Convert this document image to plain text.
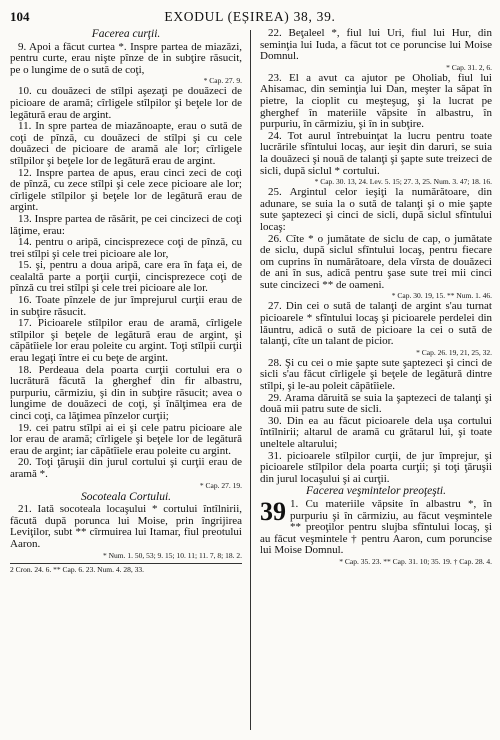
104	EXODUL (EȘIREA) 38, 39.
Facerea curţii.

9. Apoi a făcut curtea *. Inspre partea de miazăzi, pentru curte, erau nişte pînze de in subţire răsucit, pe o lungime de o sută de coţi,

* Cap. 27. 9.

10. cu douăzeci de stîlpi aşezaţi pe douăzeci de picioare de aramă; cîrligele stîlpilor şi beţele lor de legătură erau de argint.

11. In spre partea de miazănoapte, erau o sută de coţi de pînză, cu douăzeci de stîlpi şi cu cele douăzeci de picioare de aramă ale lor; cîrligele stîlpilor şi beţele lor de legătură erau de argint.

12. Inspre partea de apus, erau cinci zeci de coţi de pînză, cu zece stîlpi şi cele zece picioare ale lor; cîrligele stîlpilor şi beţele lor de legătură erau de argint.

13. Inspre partea de răsărit, pe cei cincizeci de coţi lăţime, erau:

14. pentru o aripă, cincisprezece coţi de pînză, cu trei stîlpi şi cele trei picioare ale lor,

15. şi, pentru a doua aripă, care era în faţa ei, de cealaltă parte a porţii curţii, cincisprezece coţi de pînză cu trei stîlpi şi cele trei picioare ale lor.

16. Toate pînzele de jur împrejurul curţii erau de in subţire răsucit.

17. Picioarele stîlpilor erau de aramă, cîrligele stîlpilor şi beţele de legătură erau de argint, şi căpătîiele lor erau poleite cu argint. Toţi stîlpii curţii erau legaţi între ei cu beţe de argint.

18. Perdeaua dela poarta curţii cortului era o lucrătură făcută la gherghef din fir albastru, purpuriu, cărmiziu, şi din in subţire răsucit; avea o lungime de douăzeci de coţi, şi înălţimea era de cinci coţi, ca lăţimea pînzelor curţii;

19. cei patru stîlpi ai ei şi cele patru picioare ale lor erau de aramă; cîrligele şi beţele lor de legătură erau de argint; iar căpătîiele erau poleite cu argint.

20. Toţi ţăruşii din jurul cortului şi curţii erau de aramă *.

* Cap. 27. 19.

Socoteala Cortului.

21. Iată socoteala locaşului * cortului întîlnirii, făcută după porunca lui Moise, prin îngrijirea Leviţilor, subt ** cîrmuirea lui Itamar, fiul preotului Aaron.

* Num. 1. 50, 53; 9. 15; 10. 11; 11. 7, 8; 18. 2.

2 Cron. 24. 6. ** Cap. 6. 23. Num. 4. 28, 33.

22. Beţaleel *, fiul lui Uri, fiul lui Hur, din seminţia lui Iuda, a făcut tot ce poruncise lui Moise Domnul.

* Cap. 31. 2, 6.

23. El a avut ca ajutor pe Oholiab, fiul lui Ahisamac, din seminţia lui Dan, meşter la săpat în pietre, la cioplit cu meşteşug, şi la lucrat pe gherghef în materiile văpsite în albastru, în purpuriu, în cărmiziu, şi în in subţire.

24. Tot aurul întrebuinţat la lucru pentru toate lucrările sfîntului locaş, aur ieşit din daruri, se suia la douăzeci şi nouă de talanţi şi şapte sute treizeci de sicli, după siclul * cortului.

* Cap. 30. 13, 24. Lev. 5. 15; 27. 3, 25. Num. 3. 47; 18. 16.

25. Argintul celor ieşiţi la numărătoare, din adunare, se suia la o sută de talanţi şi o mie şapte sute şaptezeci şi cinci de sicli, după siclul sfîntului locaş:

26. Cîte * o jumătate de siclu de cap, o jumătate de siclu, după siclul sfîntului locaş, pentru fiecare om cuprins în numărătoare, dela vîrsta de douăzeci de ani în sus, adică pentru şase sute trei mii cinci sute cincizeci ** de oameni.

* Cap. 30. 19, 15. ** Num. 1. 46.

27. Din cei o sută de talanţi de argint s'au turnat picioarele * sfîntului locaş şi picioarele perdelei din lăuntru, adică o sută de picioare la cei o sută de talanţi, cîte un talant de picior.

* Cap. 26. 19, 21, 25, 32.

28. Şi cu cei o mie şapte sute şaptezeci şi cinci de sicli s'au făcut cîrligele şi beţele de legătură dintre stîlpi, şi le-au poleit căpătîiele.

29. Arama dăruită se suia la şaptezeci de talanţi şi două mii patru sute de sicli.

30. Din ea au făcut picioarele dela uşa cortului întîlnirii; altarul de aramă cu grătarul lui, şi toate uneltele altarului;

31. picioarele stîlpilor curţii, de jur împrejur, şi picioarele stîlpilor dela poarta curţii; şi toţi ţăruşii din jurul locaşului şi ai curţii.

Facerea veşmintelor preoţeşti.

39 1. Cu materiile văpsite în albastru *, în purpuriu şi în cărmiziu, au făcut veşmintele ** preoţilor pentru slujba sfîntului locaş, şi au făcut veşmintele † pentru Aaron, cum poruncise lui Moise Domnul.

* Cap. 35. 23. ** Cap. 31. 10; 35. 19. † Cap. 28. 4.
